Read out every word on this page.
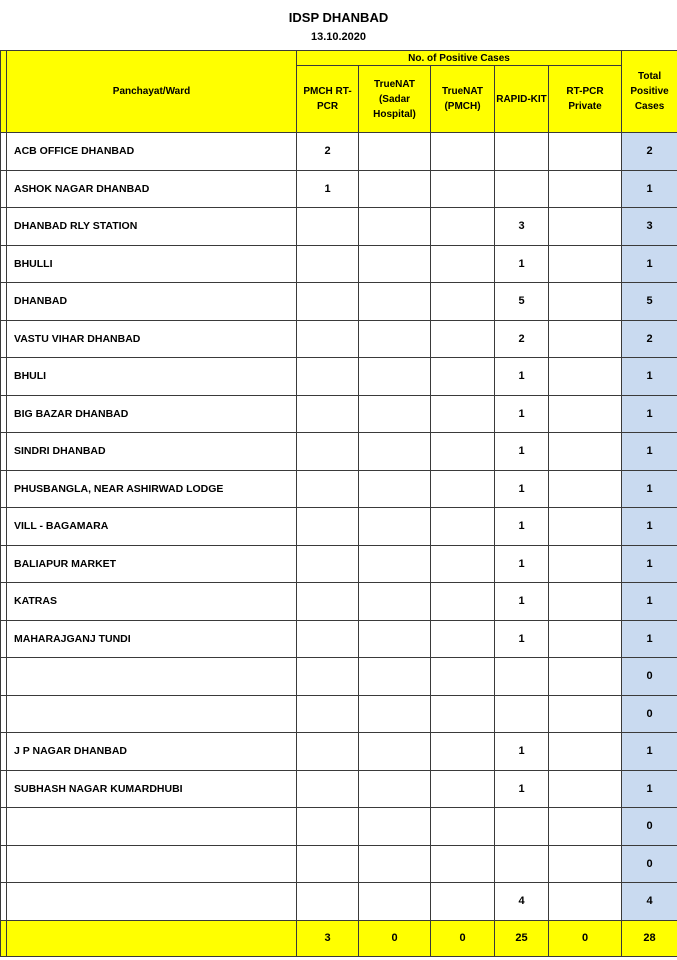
IDSP DHANBAD
13.10.2020
	Panchayat/Ward	No. of Positive Cases					Total Positive Cases
		PMCH RT-PCR	TrueNAT (Sadar Hospital)	TrueNAT (PMCH)	RAPID-KIT	RT-PCR Private	
	ACB OFFICE DHANBAD	2					2
	ASHOK NAGAR DHANBAD	1					1
	DHANBAD RLY STATION				3		3
	BHULLI				1		1
	DHANBAD				5		5
	VASTU VIHAR DHANBAD				2		2
	BHULI				1		1
	BIG BAZAR DHANBAD				1		1
	SINDRI DHANBAD				1		1
	PHUSBANGLA, NEAR ASHIRWAD LODGE				1		1
	VILL - BAGAMARA				1		1
	BALIAPUR MARKET				1		1
	KATRAS				1		1
	MAHARAJGANJ TUNDI				1		1
							0
							0
	J P NAGAR DHANBAD				1		1
	SUBHASH NAGAR KUMARDHUBI				1		1
							0
							0
					4		4
		3	0	0	25	0	28
